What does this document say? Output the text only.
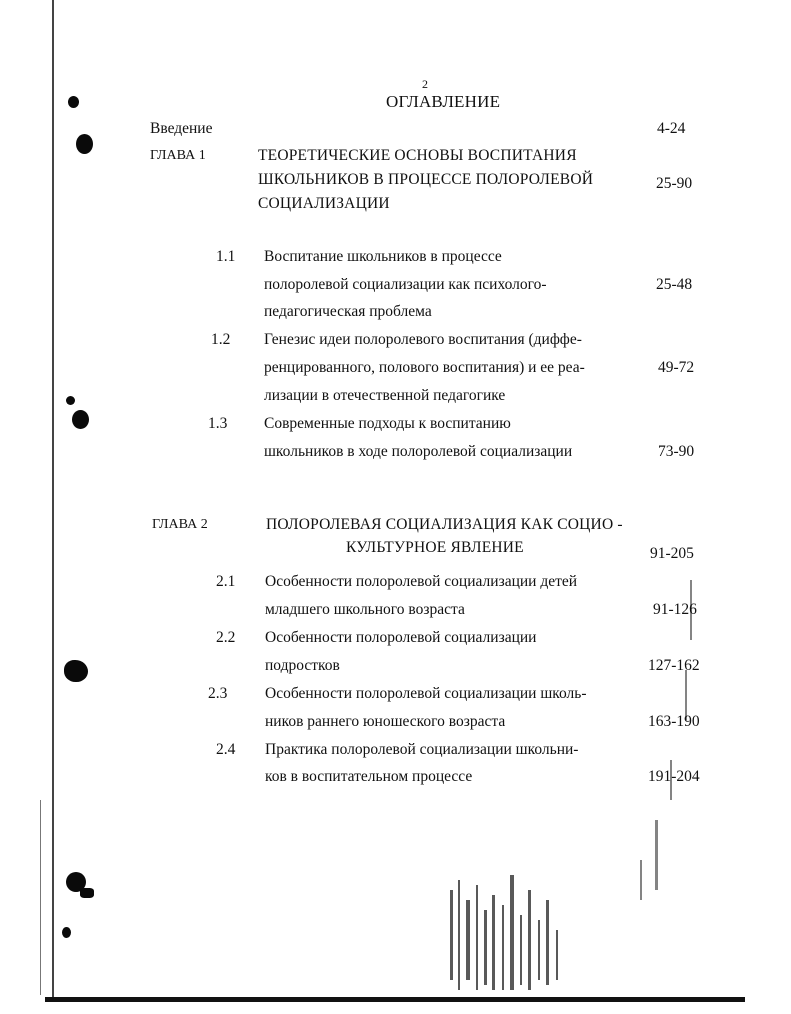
2
ОГЛАВЛЕНИЕ
Введение	4-24
ГЛАВА 1	ТЕОРЕТИЧЕСКИЕ ОСНОВЫ ВОСПИТАНИЯ
ШКОЛЬНИКОВ В ПРОЦЕССЕ ПОЛОРОЛЕВОЙ
СОЦИАЛИЗАЦИИ
25-90
1.1 Воспитание школьников в процессе
полоролевой социализации как психолого-
педагогическая проблема
25-48
1.2 Генезис идеи полоролевого воспитания (диффе-
ренцированного, полового воспитания) и ее реа-
лизации в отечественной педагогике
49-72
1.3 Современные подходы к воспитанию
школьников в ходе полоролевой социализации	73-90
ГЛАВА 2	ПОЛОРОЛЕВАЯ СОЦИАЛИЗАЦИЯ КАК СОЦИО -
КУЛЬТУРНОЕ ЯВЛЕНИЕ	91-205
2.1 Особенности полоролевой социализации детей
младшего школьного возраста	91-126
2.2 Особенности полоролевой социализации
подростков	127-162
2.3 Особенности полоролевой социализации школь-
ников раннего юношеского возраста	163-190
2.4 Практика полоролевой социализации школьни-
ков в воспитательном процессе	191-204
